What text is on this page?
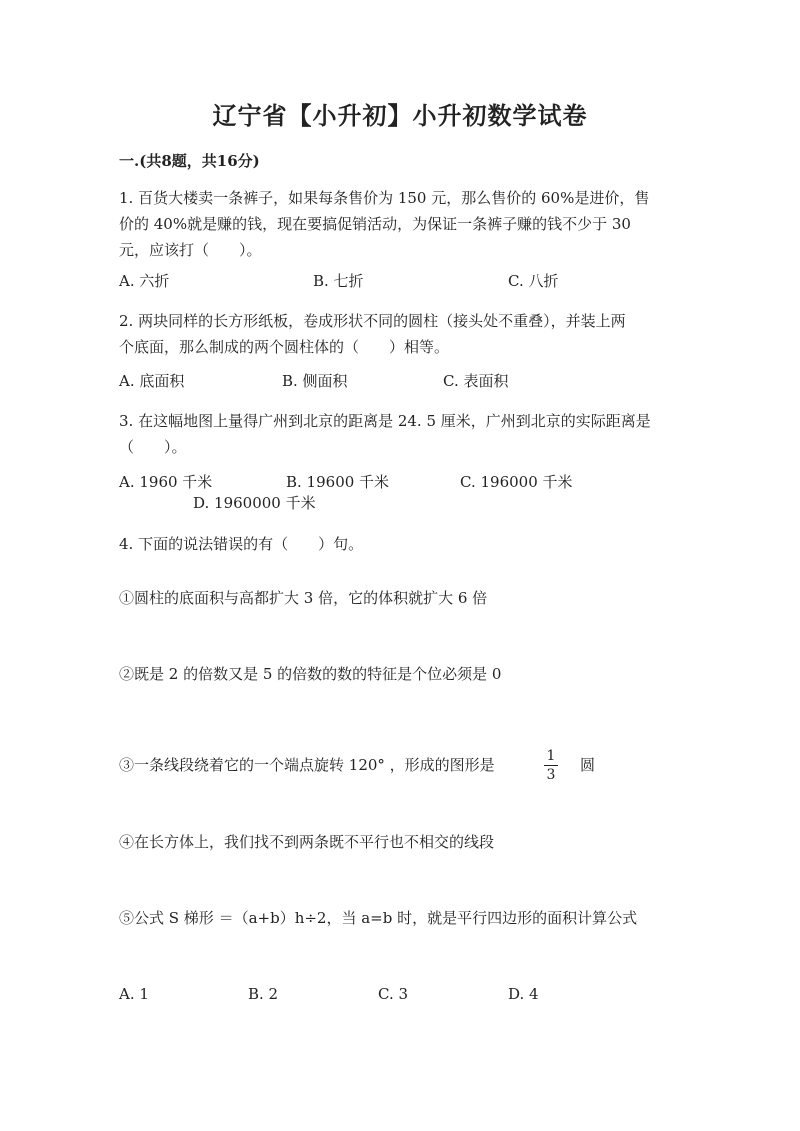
辽宁省【小升初】小升初数学试卷
一.(共8题，共16分)
1. 百货大楼卖一条裤子，如果每条售价为 150 元，那么售价的 60%是进价，售
价的 40%就是赚的钱，现在要搞促销活动，为保证一条裤子赚的钱不少于 30
元，应该打（　　）。
A. 六折	B. 七折	C. 八折
2. 两块同样的长方形纸板，卷成形状不同的圆柱（接头处不重叠），并装上两
个底面，那么制成的两个圆柱体的（　　）相等。
A. 底面积	B. 侧面积	C. 表面积
3. 在这幅地图上量得广州到北京的距离是 24. 5 厘米，广州到北京的实际距离是
（　　）。
A. 1960 千米	B. 19600 千米	C. 196000 千米
D. 1960000 千米
4. 下面的说法错误的有（　　）句。
①圆柱的底面积与高都扩大 3 倍，它的体积就扩大 6 倍
②既是 2 的倍数又是 5 的倍数的数的特征是个位必须是 0
③一条线段绕着它的一个端点旋转 120° ，形成的图形是	1
3
圆
④在长方体上，我们找不到两条既不平行也不相交的线段
⑤公式 S 梯形 ＝（a+b）h÷2，当 a=b 时，就是平行四边形的面积计算公式
A. 1	B. 2	C. 3	D. 4
